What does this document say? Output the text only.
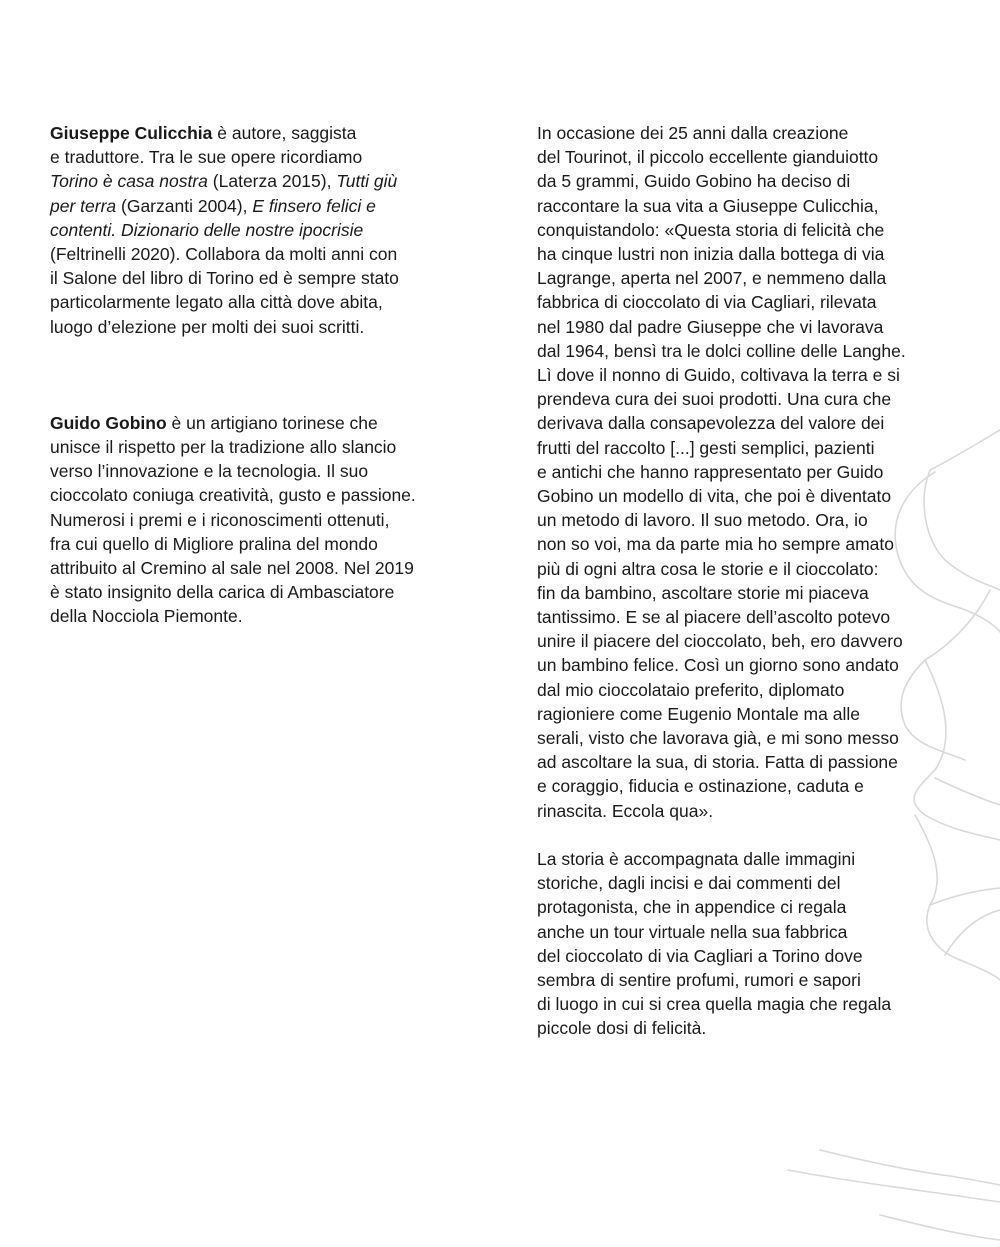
Giuseppe Culicchia è autore, saggista
e traduttore. Tra le sue opere ricordiamo
Torino è casa nostra (Laterza 2015), Tutti giù
per terra (Garzanti 2004), E finsero felici e
contenti. Dizionario delle nostre ipocrisie
(Feltrinelli 2020). Collabora da molti anni con
il Salone del libro di Torino ed è sempre stato
particolarmente legato alla città dove abita,
luogo d’elezione per molti dei suoi scritti.

Guido Gobino è un artigiano torinese che
unisce il rispetto per la tradizione allo slancio
verso l’innovazione e la tecnologia. Il suo
cioccolato coniuga creatività, gusto e passione.
Numerosi i premi e i riconoscimenti ottenuti,
fra cui quello di Migliore pralina del mondo
attribuito al Cremino al sale nel 2008. Nel 2019
è stato insignito della carica di Ambasciatore
della Nocciola Piemonte.

In occasione dei 25 anni dalla creazione
del Tourinot, il piccolo eccellente gianduiotto
da 5 grammi, Guido Gobino ha deciso di
raccontare la sua vita a Giuseppe Culicchia,
conquistandolo: «Questa storia di felicità che
ha cinque lustri non inizia dalla bottega di via
Lagrange, aperta nel 2007, e nemmeno dalla
fabbrica di cioccolato di via Cagliari, rilevata
nel 1980 dal padre Giuseppe che vi lavorava
dal 1964, bensì tra le dolci colline delle Langhe.
Lì dove il nonno di Guido, coltivava la terra e si
prendeva cura dei suoi prodotti. Una cura che
derivava dalla consapevolezza del valore dei
frutti del raccolto [...] gesti semplici, pazienti
e antichi che hanno rappresentato per Guido
Gobino un modello di vita, che poi è diventato
un metodo di lavoro. Il suo metodo. Ora, io
non so voi, ma da parte mia ho sempre amato
più di ogni altra cosa le storie e il cioccolato:
fin da bambino, ascoltare storie mi piaceva
tantissimo. E se al piacere dell’ascolto potevo
unire il piacere del cioccolato, beh, ero davvero
un bambino felice. Così un giorno sono andato
dal mio cioccolataio preferito, diplomato
ragioniere come Eugenio Montale ma alle
serali, visto che lavorava già, e mi sono messo
ad ascoltare la sua, di storia. Fatta di passione
e coraggio, fiducia e ostinazione, caduta e
rinascita. Eccola qua».

La storia è accompagnata dalle immagini
storiche, dagli incisi e dai commenti del
protagonista, che in appendice ci regala
anche un tour virtuale nella sua fabbrica
del cioccolato di via Cagliari a Torino dove
sembra di sentire profumi, rumori e sapori
di luogo in cui si crea quella magia che regala
piccole dosi di felicità.
